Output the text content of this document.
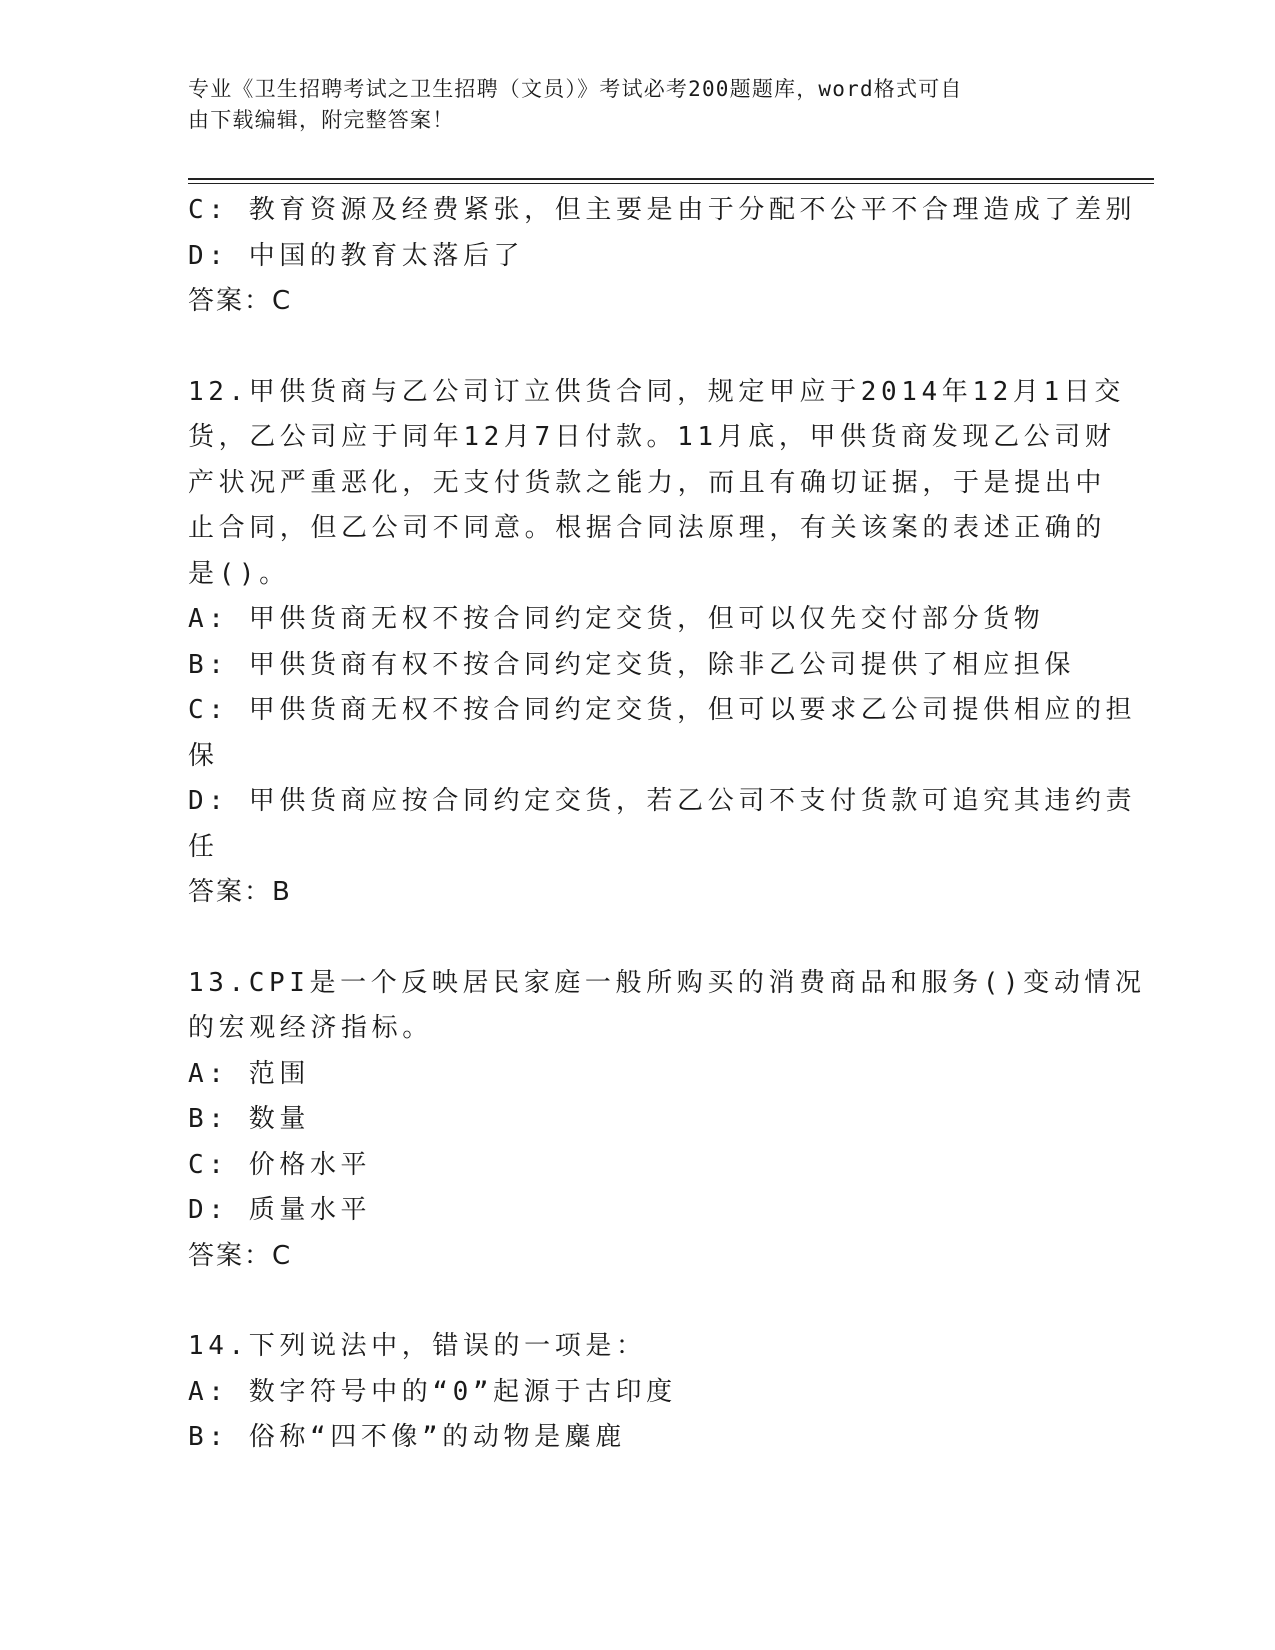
专业《卫生招聘考试之卫生招聘（文员）》考试必考200题题库，word格式可自
由下载编辑，附完整答案！
C: 教育资源及经费紧张，但主要是由于分配不公平不合理造成了差别
D: 中国的教育太落后了
答案：C
12.甲供货商与乙公司订立供货合同，规定甲应于2014年12月1日交
货，乙公司应于同年12月7日付款。11月底，甲供货商发现乙公司财
产状况严重恶化，无支付货款之能力，而且有确切证据，于是提出中
止合同，但乙公司不同意。根据合同法原理，有关该案的表述正确的
是()。
A: 甲供货商无权不按合同约定交货，但可以仅先交付部分货物
B: 甲供货商有权不按合同约定交货，除非乙公司提供了相应担保
C: 甲供货商无权不按合同约定交货，但可以要求乙公司提供相应的担
保
D: 甲供货商应按合同约定交货，若乙公司不支付货款可追究其违约责
任
答案：B
13.CPI是一个反映居民家庭一般所购买的消费商品和服务()变动情况
的宏观经济指标。
A: 范围
B: 数量
C: 价格水平
D: 质量水平
答案：C
14.下列说法中，错误的一项是：
A: 数字符号中的“0”起源于古印度
B: 俗称“四不像”的动物是麋鹿
